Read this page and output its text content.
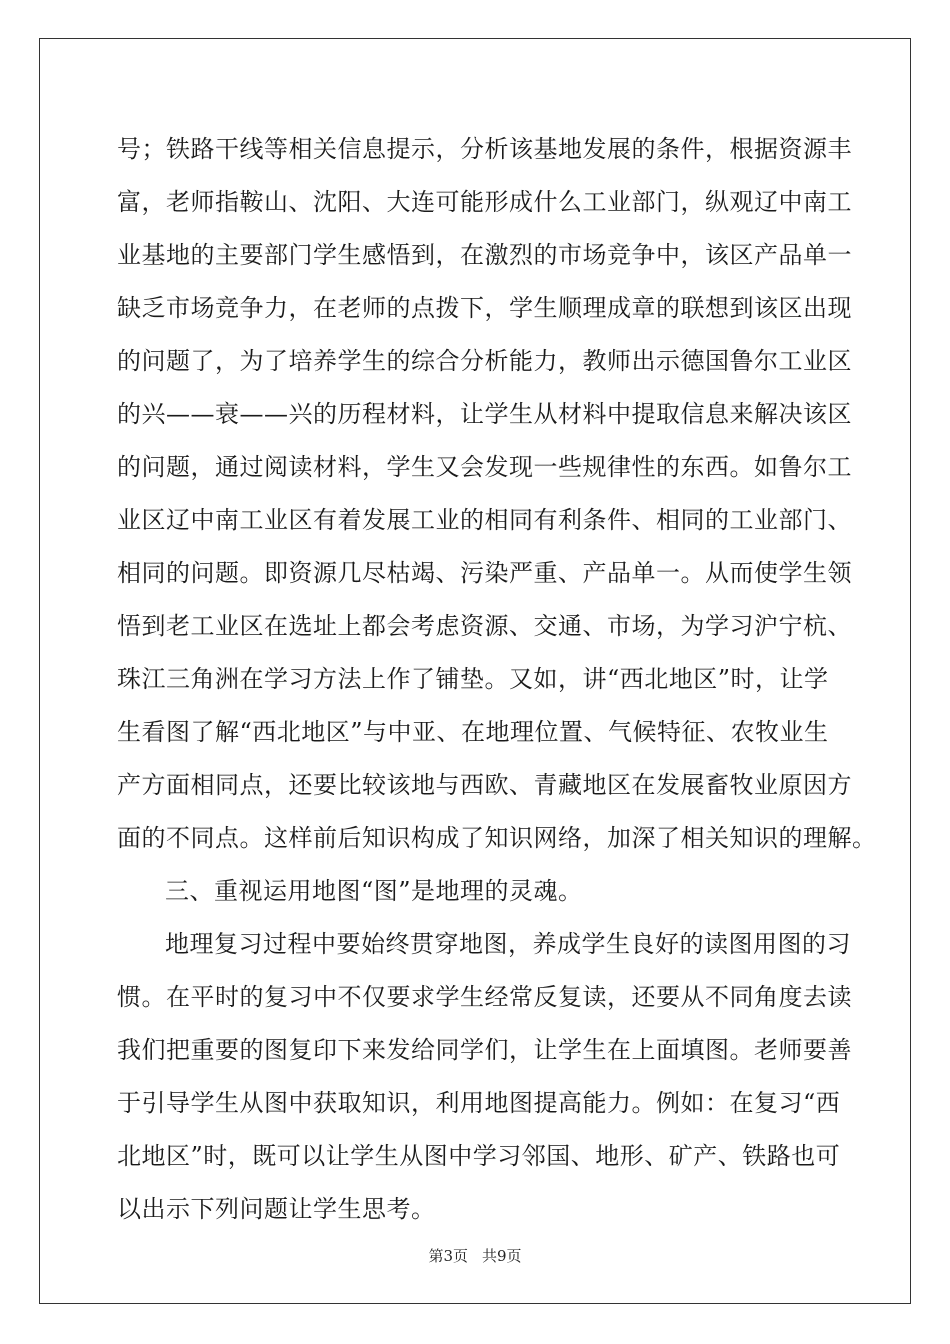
号；铁路干线等相关信息提示，分析该基地发展的条件，根据资源丰
富，老师指鞍山、沈阳、大连可能形成什么工业部门，纵观辽中南工
业基地的主要部门学生感悟到，在激烈的市场竞争中，该区产品单一
缺乏市场竞争力，在老师的点拨下，学生顺理成章的联想到该区出现
的问题了，为了培养学生的综合分析能力，教师出示德国鲁尔工业区
的兴——衰——兴的历程材料，让学生从材料中提取信息来解决该区
的问题，通过阅读材料，学生又会发现一些规律性的东西。如鲁尔工
业区辽中南工业区有着发展工业的相同有利条件、相同的工业部门、
相同的问题。即资源几尽枯竭、污染严重、产品单一。从而使学生领
悟到老工业区在选址上都会考虑资源、交通、市场，为学习沪宁杭、
珠江三角洲在学习方法上作了铺垫。又如，讲“西北地区”时，让学
生看图了解“西北地区”与中亚、在地理位置、气候特征、农牧业生
产方面相同点，还要比较该地与西欧、青藏地区在发展畜牧业原因方
面的不同点。这样前后知识构成了知识网络，加深了相关知识的理解。
三、重视运用地图“图”是地理的灵魂。
地理复习过程中要始终贯穿地图，养成学生良好的读图用图的习
惯。在平时的复习中不仅要求学生经常反复读，还要从不同角度去读
我们把重要的图复印下来发给同学们，让学生在上面填图。老师要善
于引导学生从图中获取知识，利用地图提高能力。例如：在复习“西
北地区”时，既可以让学生从图中学习邻国、地形、矿产、铁路也可
以出示下列问题让学生思考。
第3页 共9页
